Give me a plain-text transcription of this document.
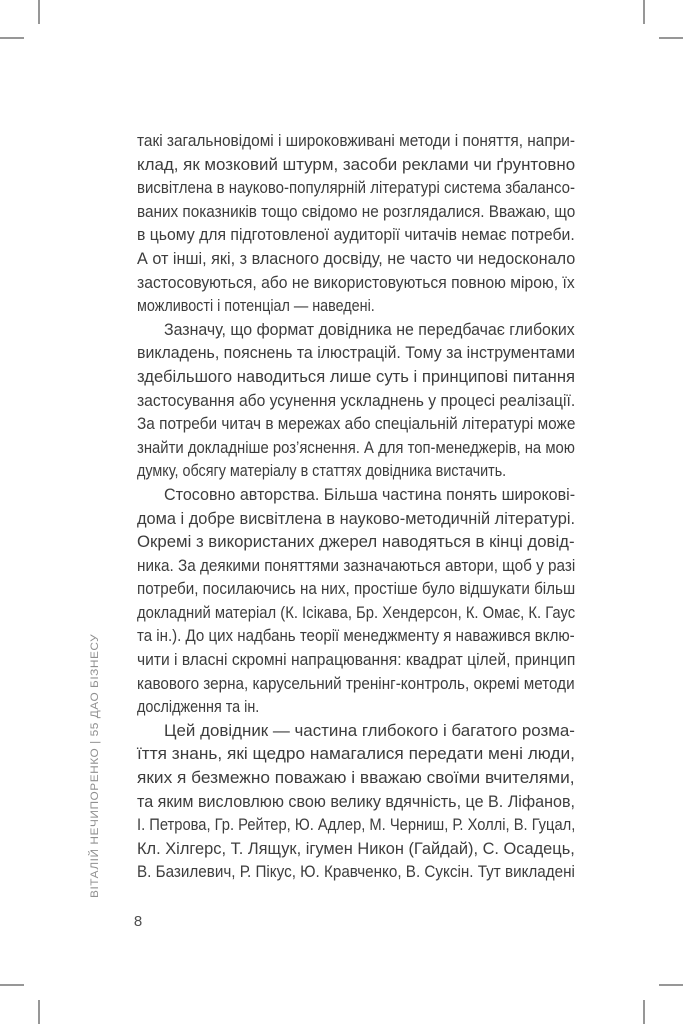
ВІТАЛІЙ НЕЧИПОРЕНКО | 55 ДАО БІЗНЕСУ
такі загальновідомі і широковживані методи і поняття, напри-
клад, як мозковий штурм, засоби реклами чи ґрунтовно
висвітлена в науково-популярній літературі система збалансо-
ваних показників тощо свідомо не розглядалися. Вважаю, що
в цьому для підготовленої аудиторії читачів немає потреби.
А от інші, які, з власного досвіду, не часто чи недосконало
застосовуються, або не використовуються повною мірою, їх
можливості і потенціал — наведені.
Зазначу, що формат довідника не передбачає глибоких
викладень, пояснень та ілюстрацій. Тому за інструментами
здебільшого наводиться лише суть і принципові питання
застосування або усунення ускладнень у процесі реалізації.
За потреби читач в мережах або спеціальній літературі може
знайти докладніше роз’яснення. А для топ-менеджерів, на мою
думку, обсягу матеріалу в статтях довідника вистачить.
Стосовно авторства. Більша частина понять широкові-
дома і добре висвітлена в науково-методичній літературі.
Окремі з використаних джерел наводяться в кінці довід-
ника. За деякими поняттями зазначаються автори, щоб у разі
потреби, посилаючись на них, простіше було відшукати більш
докладний матеріал (К. Ісікава, Бр. Хендерсон, К. Омає, К. Гаус
та ін.). До цих надбань теорії менеджменту я наважився вклю-
чити і власні скромні напрацювання: квадрат цілей, принцип
кавового зерна, карусельний тренінг-контроль, окремі методи
дослідження та ін.
Цей довідник — частина глибокого і багатого розма-
їття знань, які щедро намагалися передати мені люди,
яких я безмежно поважаю і вважаю своїми вчителями,
та яким висловлюю свою велику вдячність, це В. Ліфанов,
І. Петрова, Гр. Рейтер, Ю. Адлер, М. Черниш, Р. Холлі, В. Гуцал,
Кл. Хілгерс, Т. Лящук, ігумен Никон (Гайдай), С. Осадець,
В. Базилевич, Р. Пікус, Ю. Кравченко, В. Суксін. Тут викладені
8
